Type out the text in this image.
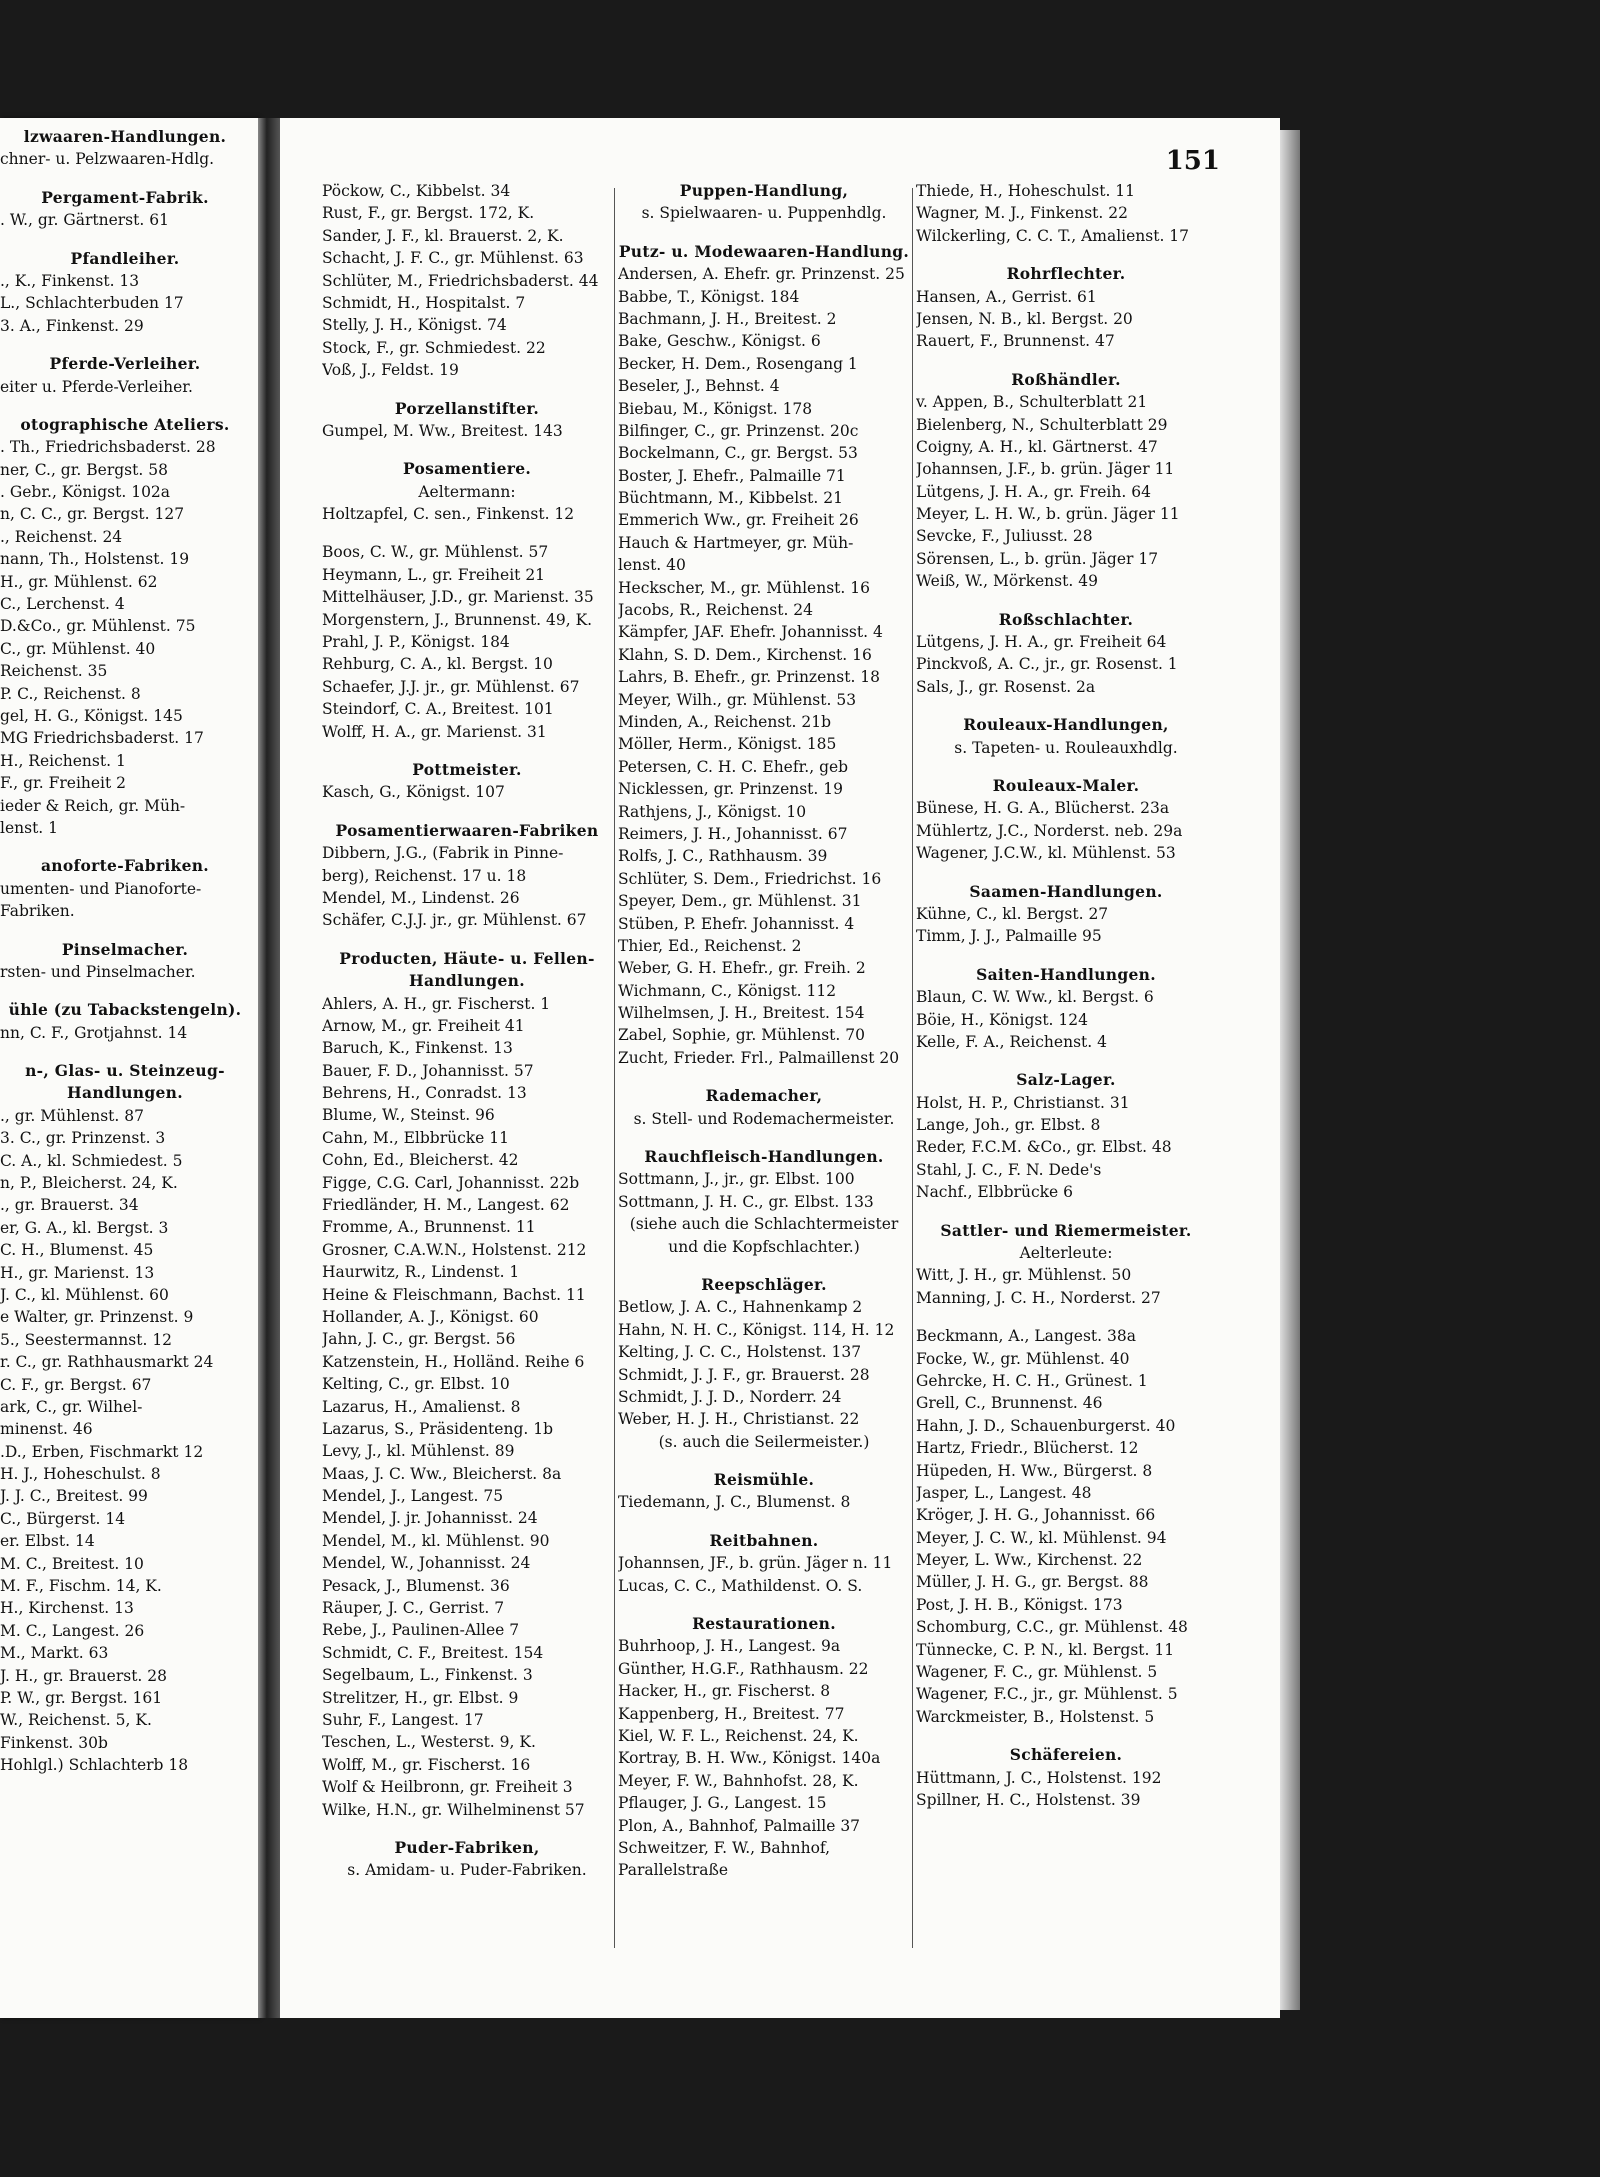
lzwaaren-Handlungen.
chner- u. Pelzwaaren-Hdlg.
Pergament-Fabrik.
. W., gr. Gärtnerst. 61
Pfandleiher.
., K., Finkenst. 13
L., Schlachterbuden 17
3. A., Finkenst. 29
Pferde-Verleiher.
eiter u. Pferde-Verleiher.
otographische Ateliers.
. Th., Friedrichsbaderst. 28
ner, C., gr. Bergst. 58
. Gebr., Königst. 102a
n, C. C., gr. Bergst. 127
., Reichenst. 24
nann, Th., Holstenst. 19
H., gr. Mühlenst. 62
C., Lerchenst. 4
D.&Co., gr. Mühlenst. 75
C., gr. Mühlenst. 40
Reichenst. 35
P. C., Reichenst. 8
gel, H. G., Königst. 145
MG Friedrichsbaderst. 17
H., Reichenst. 1
F., gr. Freiheit 2
ieder & Reich, gr. Müh-
lenst. 1
anoforte-Fabriken.
umenten- und Pianoforte-
Fabriken.
Pinselmacher.
rsten- und Pinselmacher.
ühle (zu Tabackstengeln).
nn, C. F., Grotjahnst. 14
n-, Glas- u. Steinzeug-
Handlungen.
., gr. Mühlenst. 87
3. C., gr. Prinzenst. 3
C. A., kl. Schmiedest. 5
n, P., Bleicherst. 24, K.
., gr. Brauerst. 34
er, G. A., kl. Bergst. 3
C. H., Blumenst. 45
H., gr. Marienst. 13
J. C., kl. Mühlenst. 60
e Walter, gr. Prinzenst. 9
5., Seestermannst. 12
r. C., gr. Rathhausmarkt 24
C. F., gr. Bergst. 67
ark, C., gr. Wilhel-
minenst. 46
.D., Erben, Fischmarkt 12
H. J., Hoheschulst. 8
J. J. C., Breitest. 99
C., Bürgerst. 14
er. Elbst. 14
M. C., Breitest. 10
M. F., Fischm. 14, K.
H., Kirchenst. 13
M. C., Langest. 26
M., Markt. 63
J. H., gr. Brauerst. 28
P. W., gr. Bergst. 161
W., Reichenst. 5, K.
Finkenst. 30b
Hohlgl.) Schlachterb 18
151
Pöckow, C., Kibbelst. 34
Rust, F., gr. Bergst. 172, K.
Sander, J. F., kl. Brauerst. 2, K.
Schacht, J. F. C., gr. Mühlenst. 63
Schlüter, M., Friedrichsbaderst. 44
Schmidt, H., Hospitalst. 7
Stelly, J. H., Königst. 74
Stock, F., gr. Schmiedest. 22
Voß, J., Feldst. 19
Porzellanstifter.
Gumpel, M. Ww., Breitest. 143
Posamentiere.
Aeltermann:
Holtzapfel, C. sen., Finkenst. 12
Boos, C. W., gr. Mühlenst. 57
Heymann, L., gr. Freiheit 21
Mittelhäuser, J.D., gr. Marienst. 35
Morgenstern, J., Brunnenst. 49, K.
Prahl, J. P., Königst. 184
Rehburg, C. A., kl. Bergst. 10
Schaefer, J.J. jr., gr. Mühlenst. 67
Steindorf, C. A., Breitest. 101
Wolff, H. A., gr. Marienst. 31
Pottmeister.
Kasch, G., Königst. 107
Posamentierwaaren-Fabriken
Dibbern, J.G., (Fabrik in Pinne-
berg), Reichenst. 17 u. 18
Mendel, M., Lindenst. 26
Schäfer, C.J.J. jr., gr. Mühlenst. 67
Producten, Häute- u. Fellen-
Handlungen.
Ahlers, A. H., gr. Fischerst. 1
Arnow, M., gr. Freiheit 41
Baruch, K., Finkenst. 13
Bauer, F. D., Johannisst. 57
Behrens, H., Conradst. 13
Blume, W., Steinst. 96
Cahn, M., Elbbrücke 11
Cohn, Ed., Bleicherst. 42
Figge, C.G. Carl, Johannisst. 22b
Friedländer, H. M., Langest. 62
Fromme, A., Brunnenst. 11
Grosner, C.A.W.N., Holstenst. 212
Haurwitz, R., Lindenst. 1
Heine & Fleischmann, Bachst. 11
Hollander, A. J., Königst. 60
Jahn, J. C., gr. Bergst. 56
Katzenstein, H., Holländ. Reihe 6
Kelting, C., gr. Elbst. 10
Lazarus, H., Amalienst. 8
Lazarus, S., Präsidenteng. 1b
Levy, J., kl. Mühlenst. 89
Maas, J. C. Ww., Bleicherst. 8a
Mendel, J., Langest. 75
Mendel, J. jr. Johannisst. 24
Mendel, M., kl. Mühlenst. 90
Mendel, W., Johannisst. 24
Pesack, J., Blumenst. 36
Räuper, J. C., Gerrist. 7
Rebe, J., Paulinen-Allee 7
Schmidt, C. F., Breitest. 154
Segelbaum, L., Finkenst. 3
Strelitzer, H., gr. Elbst. 9
Suhr, F., Langest. 17
Teschen, L., Westerst. 9, K.
Wolff, M., gr. Fischerst. 16
Wolf & Heilbronn, gr. Freiheit 3
Wilke, H.N., gr. Wilhelminenst 57
Puder-Fabriken,
s. Amidam- u. Puder-Fabriken.
Puppen-Handlung,
s. Spielwaaren- u. Puppenhdlg.
Putz- u. Modewaaren-Handlung.
Andersen, A. Ehefr. gr. Prinzenst. 25
Babbe, T., Königst. 184
Bachmann, J. H., Breitest. 2
Bake, Geschw., Königst. 6
Becker, H. Dem., Rosengang 1
Beseler, J., Behnst. 4
Biebau, M., Königst. 178
Bilfinger, C., gr. Prinzenst. 20c
Bockelmann, C., gr. Bergst. 53
Boster, J. Ehefr., Palmaille 71
Büchtmann, M., Kibbelst. 21
Emmerich Ww., gr. Freiheit 26
Hauch & Hartmeyer, gr. Müh-
lenst. 40
Heckscher, M., gr. Mühlenst. 16
Jacobs, R., Reichenst. 24
Kämpfer, JAF. Ehefr. Johannisst. 4
Klahn, S. D. Dem., Kirchenst. 16
Lahrs, B. Ehefr., gr. Prinzenst. 18
Meyer, Wilh., gr. Mühlenst. 53
Minden, A., Reichenst. 21b
Möller, Herm., Königst. 185
Petersen, C. H. C. Ehefr., geb
Nicklessen, gr. Prinzenst. 19
Rathjens, J., Königst. 10
Reimers, J. H., Johannisst. 67
Rolfs, J. C., Rathhausm. 39
Schlüter, S. Dem., Friedrichst. 16
Speyer, Dem., gr. Mühlenst. 31
Stüben, P. Ehefr. Johannisst. 4
Thier, Ed., Reichenst. 2
Weber, G. H. Ehefr., gr. Freih. 2
Wichmann, C., Königst. 112
Wilhelmsen, J. H., Breitest. 154
Zabel, Sophie, gr. Mühlenst. 70
Zucht, Frieder. Frl., Palmaillenst 20
Rademacher,
s. Stell- und Rodemachermeister.
Rauchfleisch-Handlungen.
Sottmann, J., jr., gr. Elbst. 100
Sottmann, J. H. C., gr. Elbst. 133
(siehe auch die Schlachtermeister
und die Kopfschlachter.)
Reepschläger.
Betlow, J. A. C., Hahnenkamp 2
Hahn, N. H. C., Königst. 114, H. 12
Kelting, J. C. C., Holstenst. 137
Schmidt, J. J. F., gr. Brauerst. 28
Schmidt, J. J. D., Norderr. 24
Weber, H. J. H., Christianst. 22
(s. auch die Seilermeister.)
Reismühle.
Tiedemann, J. C., Blumenst. 8
Reitbahnen.
Johannsen, JF., b. grün. Jäger n. 11
Lucas, C. C., Mathildenst. O. S.
Restaurationen.
Buhrhoop, J. H., Langest. 9a
Günther, H.G.F., Rathhausm. 22
Hacker, H., gr. Fischerst. 8
Kappenberg, H., Breitest. 77
Kiel, W. F. L., Reichenst. 24, K.
Kortray, B. H. Ww., Königst. 140a
Meyer, F. W., Bahnhofst. 28, K.
Pflauger, J. G., Langest. 15
Plon, A., Bahnhof, Palmaille 37
Schweitzer, F. W., Bahnhof,
Parallelstraße
Thiede, H., Hoheschulst. 11
Wagner, M. J., Finkenst. 22
Wilckerling, C. C. T., Amalienst. 17
Rohrflechter.
Hansen, A., Gerrist. 61
Jensen, N. B., kl. Bergst. 20
Rauert, F., Brunnenst. 47
Roßhändler.
v. Appen, B., Schulterblatt 21
Bielenberg, N., Schulterblatt 29
Coigny, A. H., kl. Gärtnerst. 47
Johannsen, J.F., b. grün. Jäger 11
Lütgens, J. H. A., gr. Freih. 64
Meyer, L. H. W., b. grün. Jäger 11
Sevcke, F., Juliusst. 28
Sörensen, L., b. grün. Jäger 17
Weiß, W., Mörkenst. 49
Roßschlachter.
Lütgens, J. H. A., gr. Freiheit 64
Pinckvoß, A. C., jr., gr. Rosenst. 1
Sals, J., gr. Rosenst. 2a
Rouleaux-Handlungen,
s. Tapeten- u. Rouleauxhdlg.
Rouleaux-Maler.
Bünese, H. G. A., Blücherst. 23a
Mühlertz, J.C., Norderst. neb. 29a
Wagener, J.C.W., kl. Mühlenst. 53
Saamen-Handlungen.
Kühne, C., kl. Bergst. 27
Timm, J. J., Palmaille 95
Saiten-Handlungen.
Blaun, C. W. Ww., kl. Bergst. 6
Böie, H., Königst. 124
Kelle, F. A., Reichenst. 4
Salz-Lager.
Holst, H. P., Christianst. 31
Lange, Joh., gr. Elbst. 8
Reder, F.C.M. &Co., gr. Elbst. 48
Stahl, J. C., F. N. Dede's
Nachf., Elbbrücke 6
Sattler- und Riemermeister.
Aelterleute:
Witt, J. H., gr. Mühlenst. 50
Manning, J. C. H., Norderst. 27
Beckmann, A., Langest. 38a
Focke, W., gr. Mühlenst. 40
Gehrcke, H. C. H., Grünest. 1
Grell, C., Brunnenst. 46
Hahn, J. D., Schauenburgerst. 40
Hartz, Friedr., Blücherst. 12
Hüpeden, H. Ww., Bürgerst. 8
Jasper, L., Langest. 48
Kröger, J. H. G., Johannisst. 66
Meyer, J. C. W., kl. Mühlenst. 94
Meyer, L. Ww., Kirchenst. 22
Müller, J. H. G., gr. Bergst. 88
Post, J. H. B., Königst. 173
Schomburg, C.C., gr. Mühlenst. 48
Tünnecke, C. P. N., kl. Bergst. 11
Wagener, F. C., gr. Mühlenst. 5
Wagener, F.C., jr., gr. Mühlenst. 5
Warckmeister, B., Holstenst. 5
Schäfereien.
Hüttmann, J. C., Holstenst. 192
Spillner, H. C., Holstenst. 39
